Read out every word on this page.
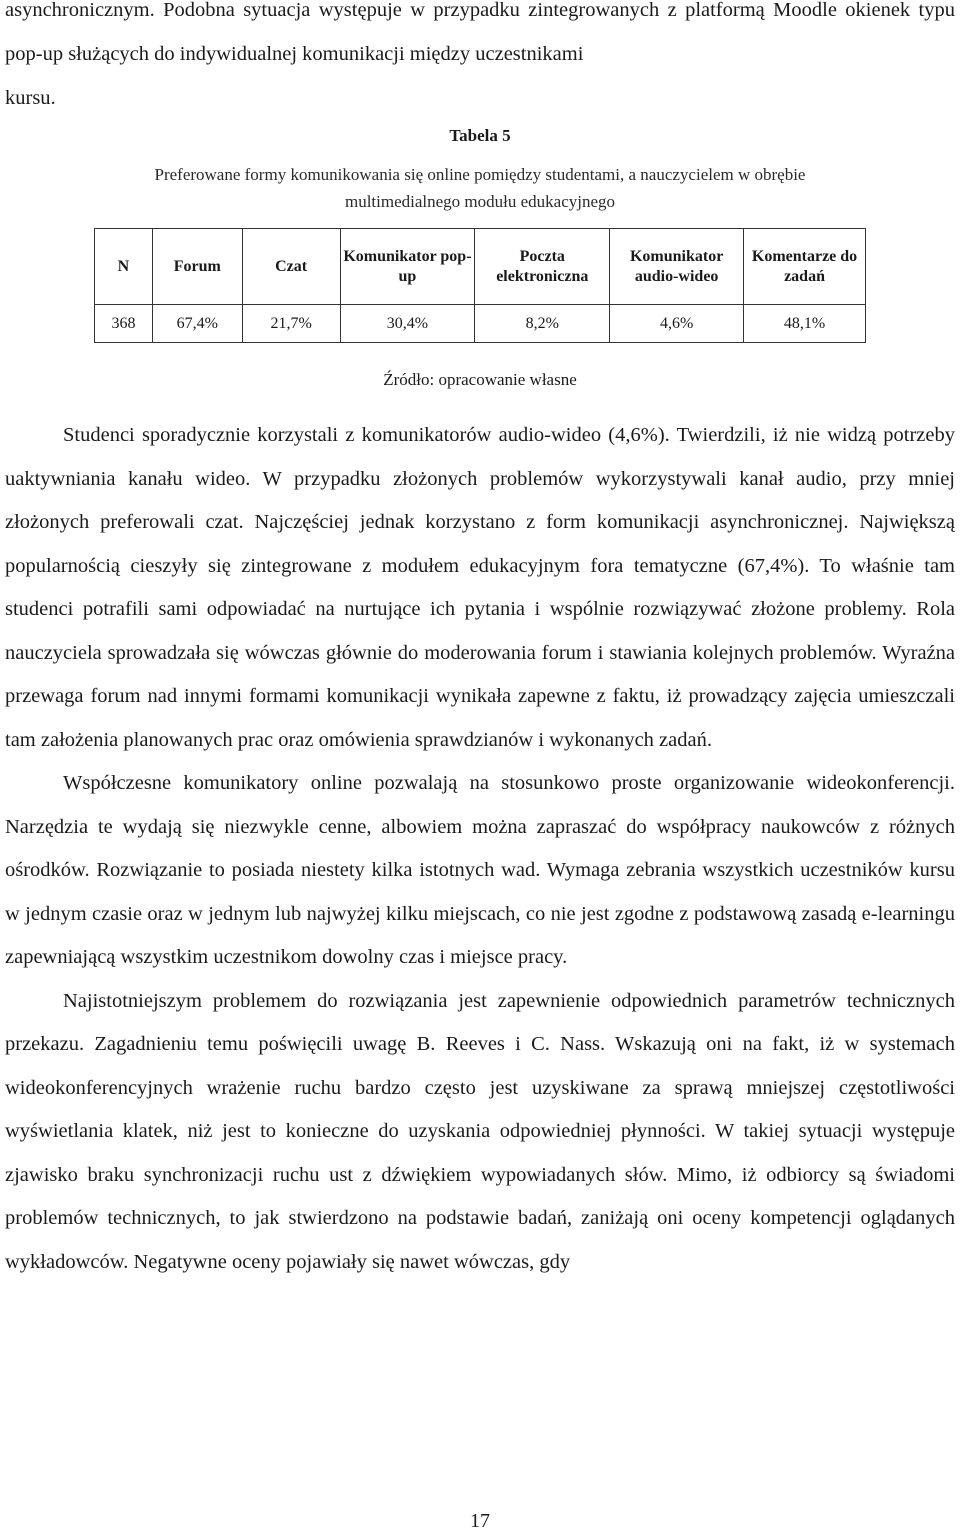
asynchronicznym. Podobna sytuacja występuje w przypadku zintegrowanych z platformą Moodle okienek typu pop-up służących do indywidualnej komunikacji między uczestnikami
kursu.

Tabela 5

Preferowane formy komunikowania się online pomiędzy studentami, a nauczycielem w obrębie multimedialnego modułu edukacyjnego

N	Forum	Czat	Komunikator pop-up	Poczta elektroniczna	Komunikator audio-wideo	Komentarze do zadań
368	67,4%	21,7%	30,4%	8,2%	4,6%	48,1%

Źródło: opracowanie własne

Studenci sporadycznie korzystali z komunikatorów audio-wideo (4,6%). Twierdzili, iż nie widzą potrzeby uaktywniania kanału wideo. W przypadku złożonych problemów wykorzystywali kanał audio, przy mniej złożonych preferowali czat. Najczęściej jednak korzystano z form komunikacji asynchronicznej. Największą popularnością cieszyły się zintegrowane z modułem edukacyjnym fora tematyczne (67,4%). To właśnie tam studenci potrafili sami odpowiadać na nurtujące ich pytania i wspólnie rozwiązywać złożone problemy. Rola nauczyciela sprowadzała się wówczas głównie do moderowania forum i stawiania kolejnych problemów. Wyraźna przewaga forum nad innymi formami komunikacji wynikała zapewne z faktu, iż prowadzący zajęcia umieszczali tam założenia planowanych prac oraz omówienia sprawdzianów i wykonanych zadań.

Współczesne komunikatory online pozwalają na stosunkowo proste organizowanie wideokonferencji. Narzędzia te wydają się niezwykle cenne, albowiem można zapraszać do współpracy naukowców z różnych ośrodków. Rozwiązanie to posiada niestety kilka istotnych wad. Wymaga zebrania wszystkich uczestników kursu w jednym czasie oraz w jednym lub najwyżej kilku miejscach, co nie jest zgodne z podstawową zasadą e-learningu zapewniającą wszystkim uczestnikom dowolny czas i miejsce pracy.

Najistotniejszym problemem do rozwiązania jest zapewnienie odpowiednich parametrów technicznych przekazu. Zagadnieniu temu poświęcili uwagę B. Reeves i C. Nass. Wskazują oni na fakt, iż w systemach wideokonferencyjnych wrażenie ruchu bardzo często jest uzyskiwane za sprawą mniejszej częstotliwości wyświetlania klatek, niż jest to konieczne do uzyskania odpowiedniej płynności. W takiej sytuacji występuje zjawisko braku synchronizacji ruchu ust z dźwiękiem wypowiadanych słów. Mimo, iż odbiorcy są świadomi problemów technicznych, to jak stwierdzono na podstawie badań, zaniżają oni oceny kompetencji oglądanych wykładowców. Negatywne oceny pojawiały się nawet wówczas, gdy

17
